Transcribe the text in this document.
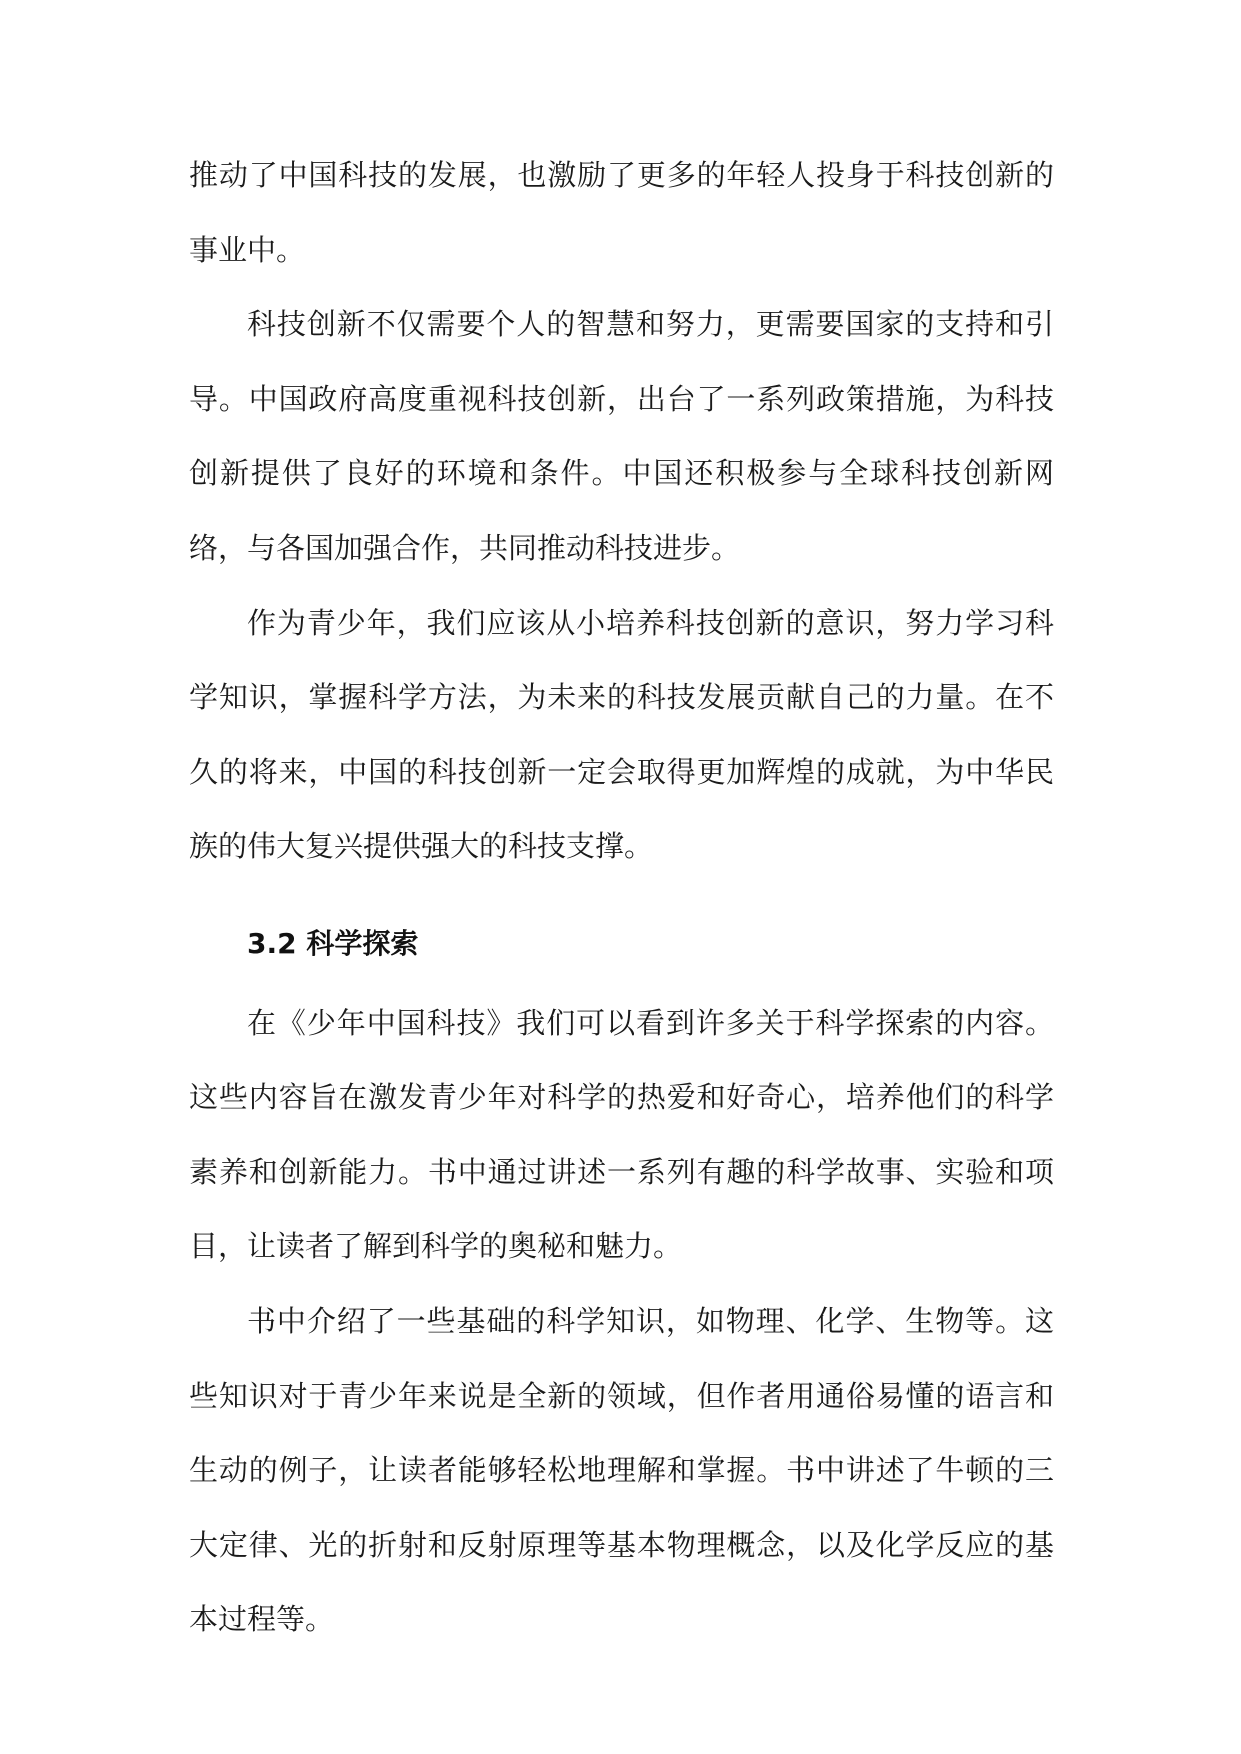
推动了中国科技的发展，也激励了更多的年轻人投身于科技创新的事业中。

科技创新不仅需要个人的智慧和努力，更需要国家的支持和引导。中国政府高度重视科技创新，出台了一系列政策措施，为科技创新提供了良好的环境和条件。中国还积极参与全球科技创新网络，与各国加强合作，共同推动科技进步。

作为青少年，我们应该从小培养科技创新的意识，努力学习科学知识，掌握科学方法，为未来的科技发展贡献自己的力量。在不久的将来，中国的科技创新一定会取得更加辉煌的成就，为中华民族的伟大复兴提供强大的科技支撑。

3.2 科学探索

在《少年中国科技》我们可以看到许多关于科学探索的内容。这些内容旨在激发青少年对科学的热爱和好奇心，培养他们的科学素养和创新能力。书中通过讲述一系列有趣的科学故事、实验和项目，让读者了解到科学的奥秘和魅力。

书中介绍了一些基础的科学知识，如物理、化学、生物等。这些知识对于青少年来说是全新的领域，但作者用通俗易懂的语言和生动的例子，让读者能够轻松地理解和掌握。书中讲述了牛顿的三大定律、光的折射和反射原理等基本物理概念，以及化学反应的基本过程等。
